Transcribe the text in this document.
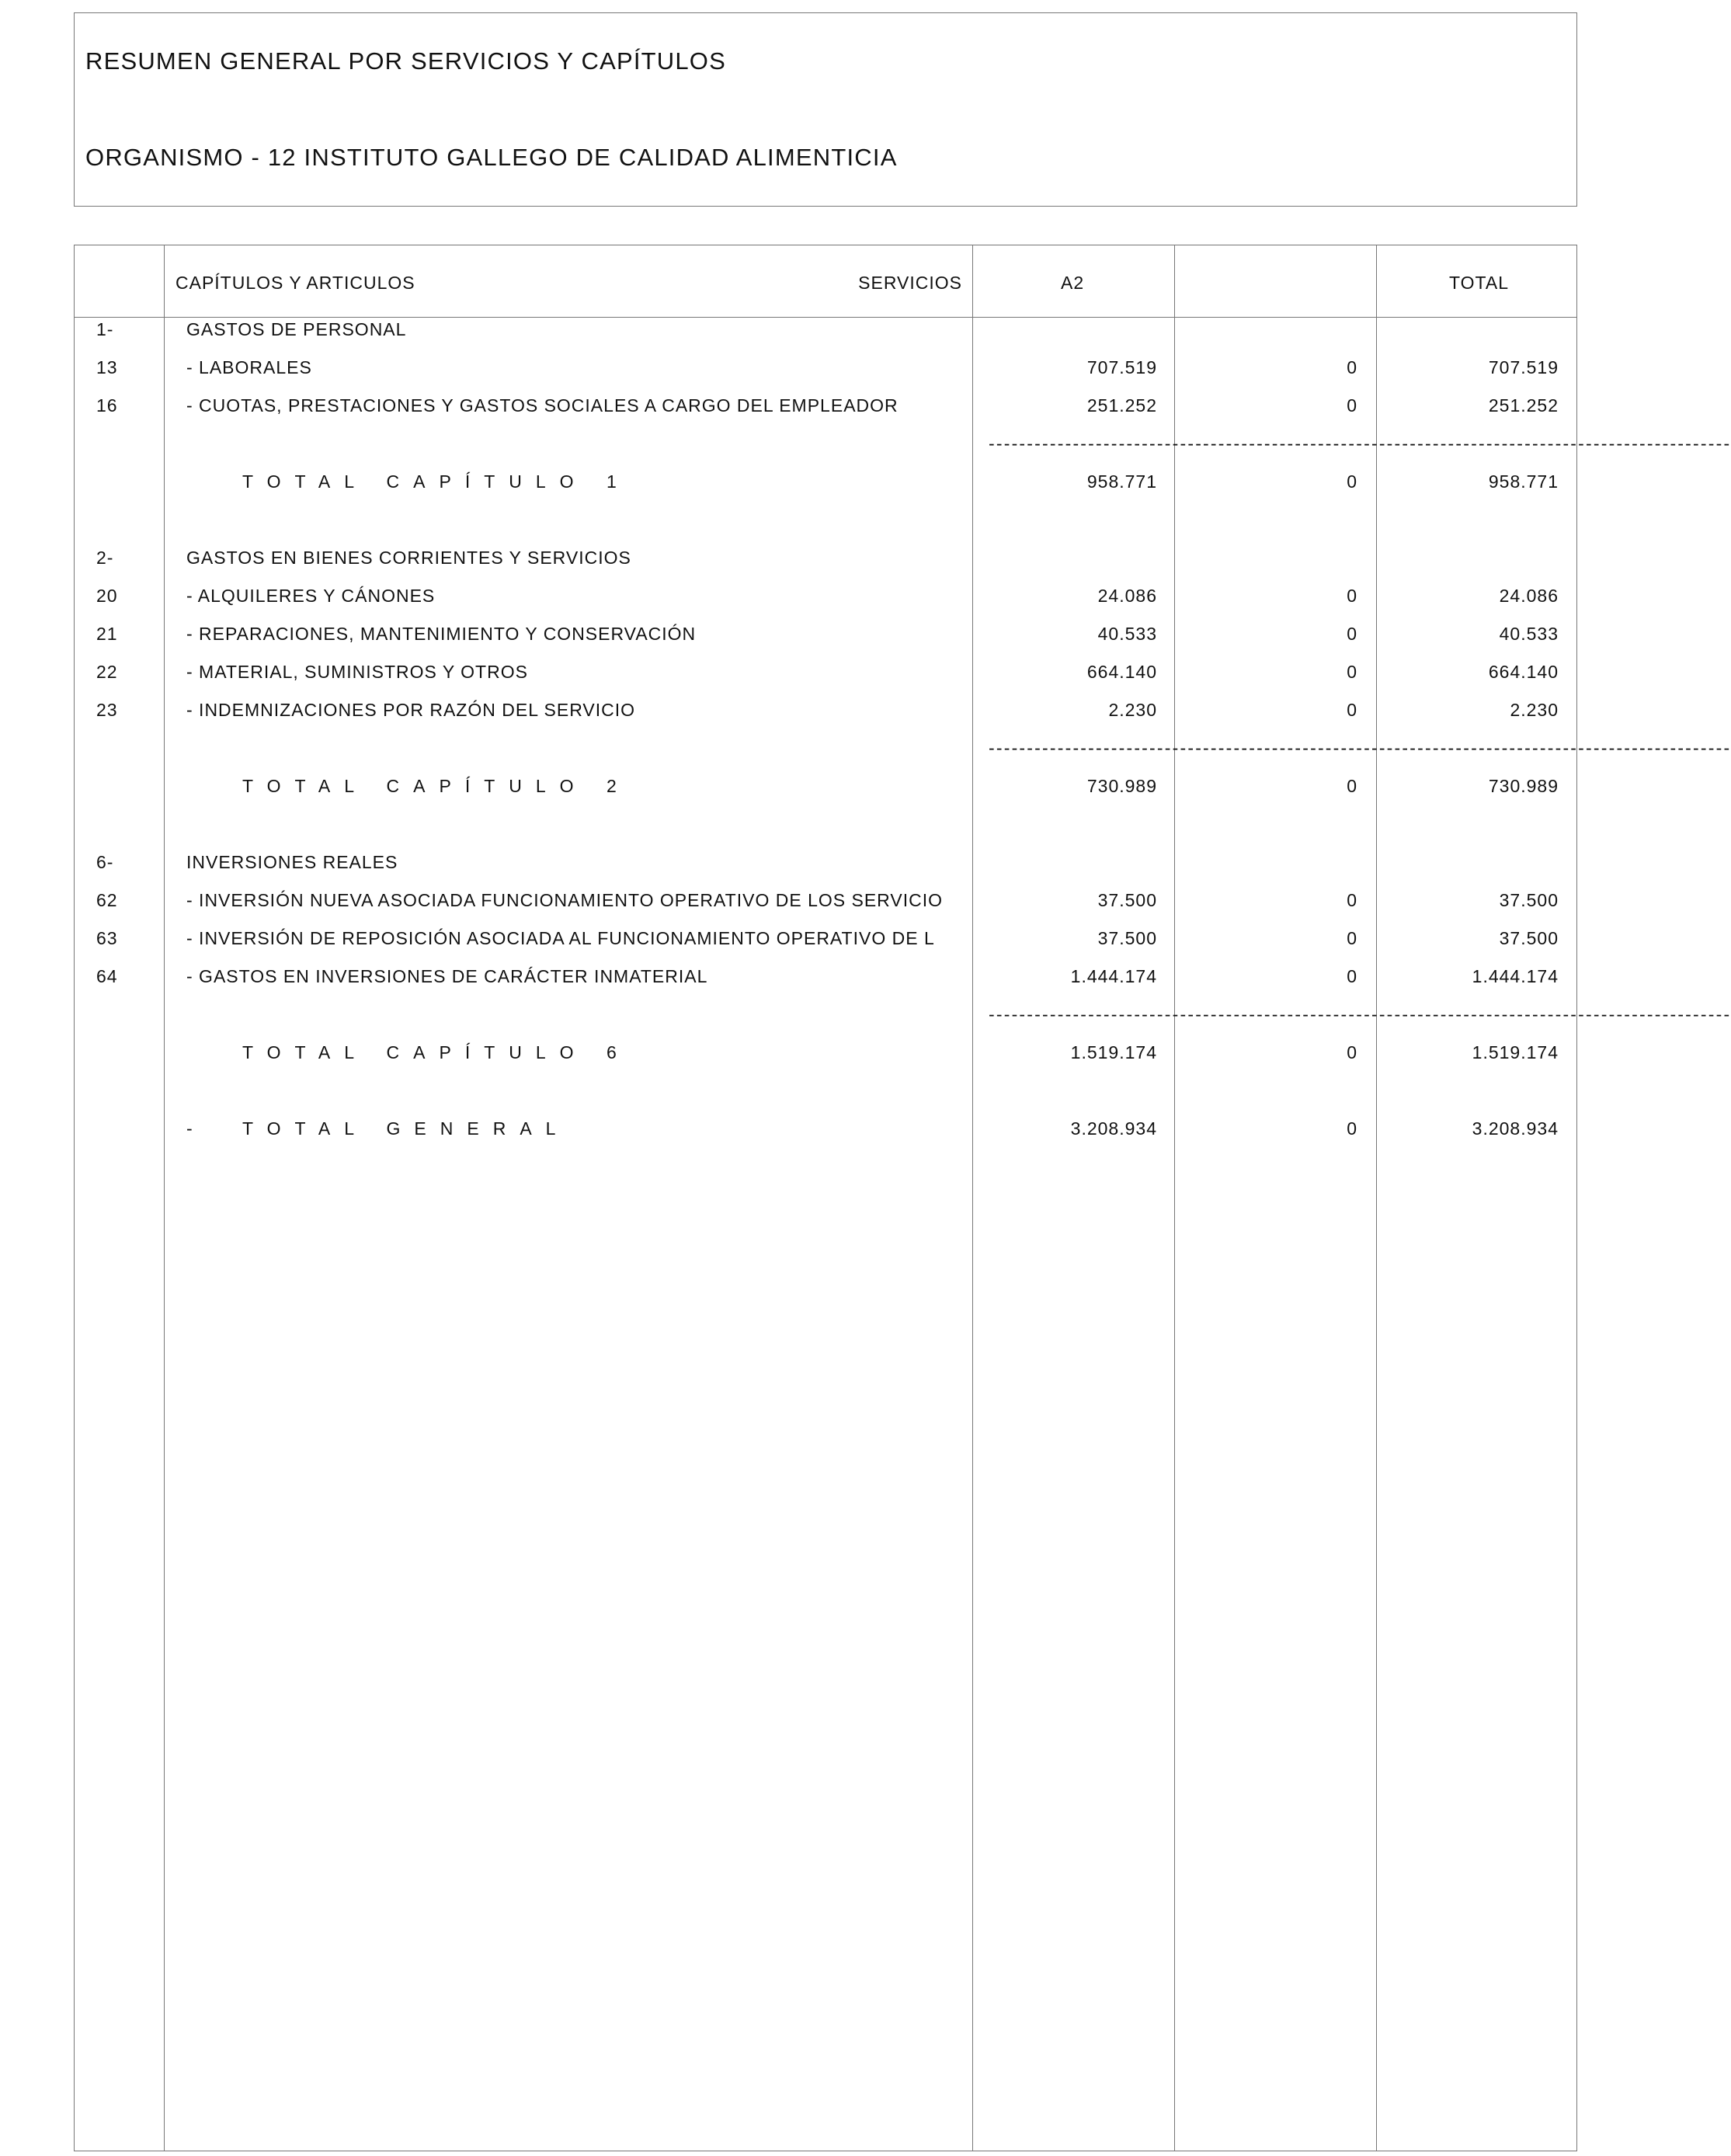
RESUMEN GENERAL POR SERVICIOS Y CAPÍTULOS
ORGANISMO - 12 INSTITUTO GALLEGO DE CALIDAD ALIMENTICIA
CAPÍTULOS Y ARTICULOS	SERVICIOS	A2	TOTAL
1-	GASTOS DE PERSONAL
13	- LABORALES	707.519	0	707.519
16	- CUOTAS, PRESTACIONES Y GASTOS SOCIALES A CARGO DEL EMPLEADOR	251.252	0	251.252
-------------------------------------------------------------------------------------------------
TOTAL CAPÍTULO 1	958.771	0	958.771
2-	GASTOS EN BIENES CORRIENTES Y SERVICIOS
20	- ALQUILERES Y CÁNONES	24.086	0	24.086
21	- REPARACIONES, MANTENIMIENTO Y CONSERVACIÓN	40.533	0	40.533
22	- MATERIAL, SUMINISTROS Y OTROS	664.140	0	664.140
23	- INDEMNIZACIONES POR RAZÓN DEL SERVICIO	2.230	0	2.230
-------------------------------------------------------------------------------------------------
TOTAL CAPÍTULO 2	730.989	0	730.989
6-	INVERSIONES REALES
62	- INVERSIÓN NUEVA ASOCIADA FUNCIONAMIENTO OPERATIVO DE LOS SERVICIO	37.500	0	37.500
63	- INVERSIÓN DE REPOSICIÓN ASOCIADA AL FUNCIONAMIENTO OPERATIVO DE L	37.500	0	37.500
64	- GASTOS EN INVERSIONES DE CARÁCTER INMATERIAL	1.444.174	0	1.444.174
-------------------------------------------------------------------------------------------------
TOTAL CAPÍTULO 6	1.519.174	0	1.519.174
-	TOTAL GENERAL	3.208.934	0	3.208.934
